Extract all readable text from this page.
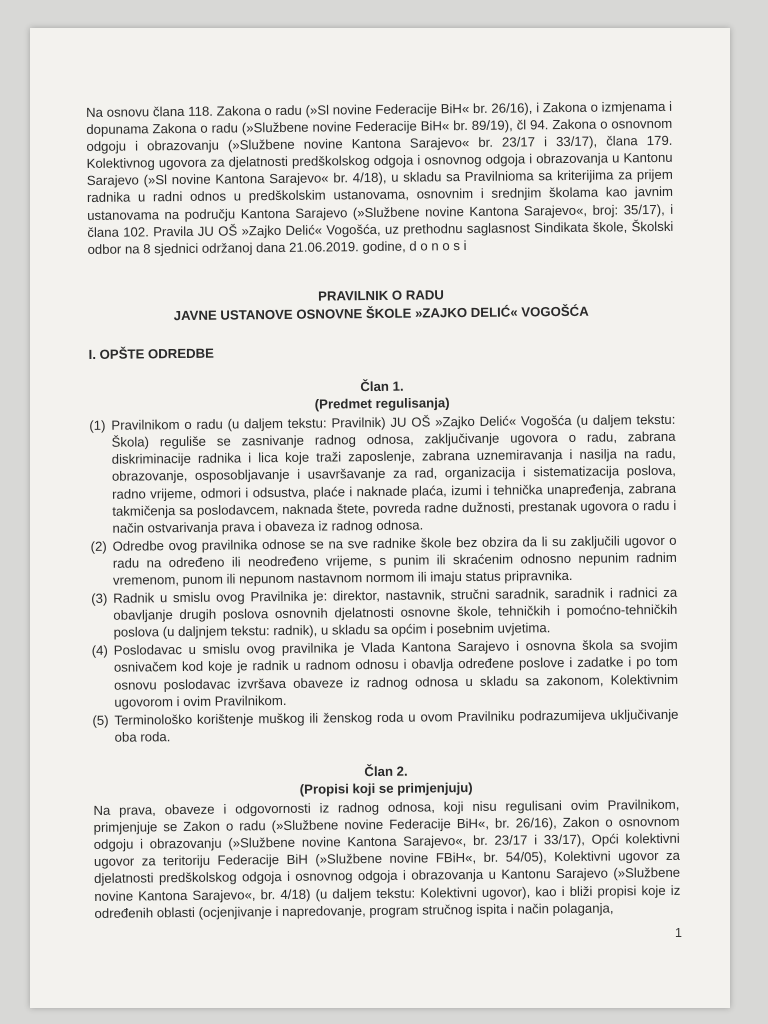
Na osnovu člana 118. Zakona o radu (»Sl novine Federacije BiH« br. 26/16), i Zakona o izmjenama i dopunama Zakona o radu (»Službene novine Federacije BiH« br. 89/19), čl 94. Zakona o osnovnom odgoju i obrazovanju (»Službene novine Kantona Sarajevo« br. 23/17 i 33/17), člana 179. Kolektivnog ugovora za djelatnosti predškolskog odgoja i osnovnog odgoja i obrazovanja u Kantonu Sarajevo (»Sl novine Kantona Sarajevo« br. 4/18), u skladu sa Pravilnioma sa kriterijima za prijem radnika u radni odnos u predškolskim ustanovama, osnovnim i srednjim školama kao javnim ustanovama na području Kantona Sarajevo (»Službene novine Kantona Sarajevo«, broj: 35/17), i člana 102. Pravila JU OŠ »Zajko Delić« Vogošća, uz prethodnu saglasnost Sindikata škole, Školski odbor na 8 sjednici održanoj dana 21.06.2019. godine, d o n o s i

PRAVILNIK O RADU
JAVNE USTANOVE OSNOVNE ŠKOLE »ZAJKO DELIĆ« VOGOŠĆA
I. OPŠTE ODREDBE
Član 1.
(Predmet regulisanja)
(1) Pravilnikom o radu (u daljem tekstu: Pravilnik) JU OŠ »Zajko Delić« Vogošća (u daljem tekstu: Škola) reguliše se zasnivanje radnog odnosa, zaključivanje ugovora o radu, zabrana diskriminacije radnika i lica koje traži zaposlenje, zabrana uznemiravanja i nasilja na radu, obrazovanje, osposobljavanje i usavršavanje za rad, organizacija i sistematizacija poslova, radno vrijeme, odmori i odsustva, plaće i naknade plaća, izumi i tehnička unapređenja, zabrana takmičenja sa poslodavcem, naknada štete, povreda radne dužnosti, prestanak ugovora o radu i način ostvarivanja prava i obaveza iz radnog odnosa.
(2) Odredbe ovog pravilnika odnose se na sve radnike škole bez obzira da li su zaključili ugovor o radu na određeno ili neodređeno vrijeme, s punim ili skraćenim odnosno nepunim radnim vremenom, punom ili nepunom nastavnom normom ili imaju status pripravnika.
(3) Radnik u smislu ovog Pravilnika je: direktor, nastavnik, stručni saradnik, saradnik i radnici za obavljanje drugih poslova osnovnih djelatnosti osnovne škole, tehničkih i pomoćno-tehničkih poslova (u daljnjem tekstu: radnik), u skladu sa općim i posebnim uvjetima.
(4) Poslodavac u smislu ovog pravilnika je Vlada Kantona Sarajevo i osnovna škola sa svojim osnivačem kod koje je radnik u radnom odnosu i obavlja određene poslove i zadatke i po tom osnovu poslodavac izvršava obaveze iz radnog odnosa u skladu sa zakonom, Kolektivnim ugovorom i ovim Pravilnikom.
(5) Terminološko korištenje muškog ili ženskog roda u ovom Pravilniku podrazumijeva uključivanje oba roda.
Član 2.
(Propisi koji se primjenjuju)

Na prava, obaveze i odgovornosti iz radnog odnosa, koji nisu regulisani ovim Pravilnikom, primjenjuje se Zakon o radu (»Službene novine Federacije BiH«, br. 26/16), Zakon o osnovnom odgoju i obrazovanju (»Službene novine Kantona Sarajevo«, br. 23/17 i 33/17), Opći kolektivni ugovor za teritoriju Federacije BiH (»Službene novine FBiH«, br. 54/05), Kolektivni ugovor za djelatnosti predškolskog odgoja i osnovnog odgoja i obrazovanja u Kantonu Sarajevo (»Službene novine Kantona Sarajevo«, br. 4/18) (u daljem tekstu: Kolektivni ugovor), kao i bliži propisi koje iz određenih oblasti (ocjenjivanje i napredovanje, program stručnog ispita i način polaganja,

1
